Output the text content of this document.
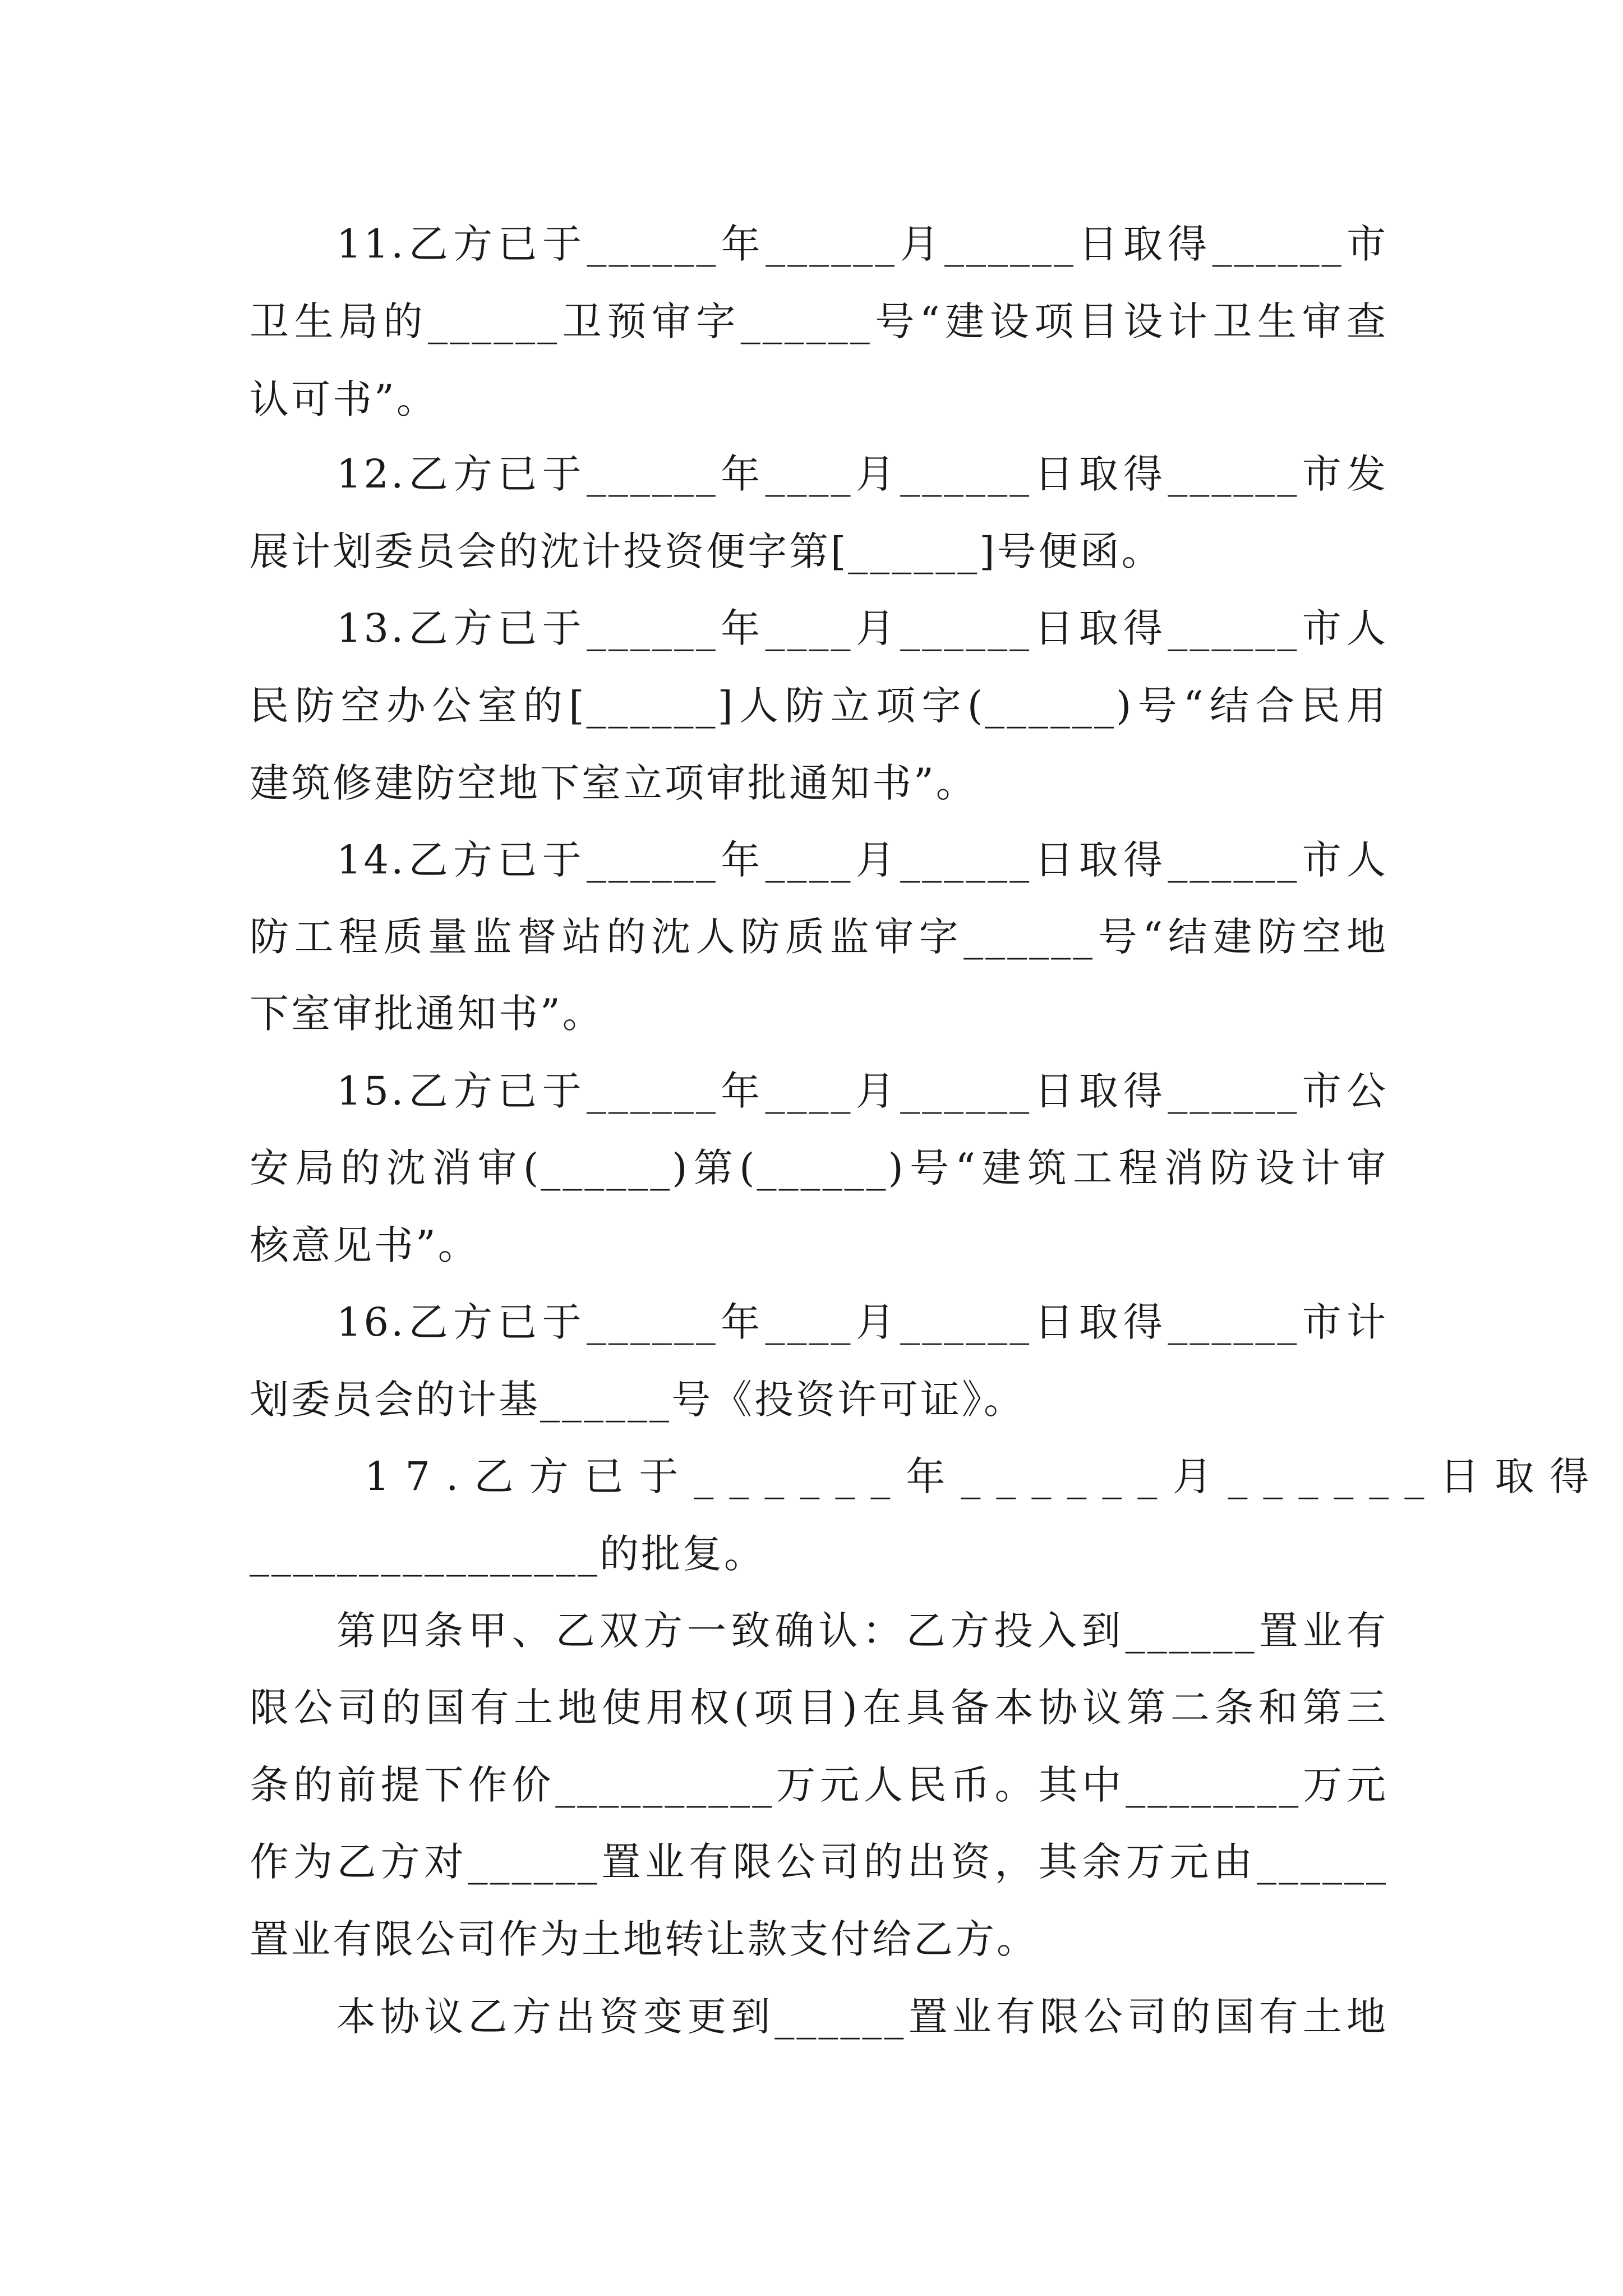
11.乙方已于______年______月______日取得______市
卫生局的______卫预审字______号“建设项目设计卫生审查
认可书”。
12.乙方已于______年____月______日取得______市发
展计划委员会的沈计投资便字第[______]号便函。
13.乙方已于______年____月______日取得______市人
民防空办公室的[______]人防立项字(______)号“结合民用
建筑修建防空地下室立项审批通知书”。
14.乙方已于______年____月______日取得______市人
防工程质量监督站的沈人防质监审字______号“结建防空地
下室审批通知书”。
15.乙方已于______年____月______日取得______市公
安局的沈消审(______)第(______)号“建筑工程消防设计审
核意见书”。
16.乙方已于______年____月______日取得______市计
划委员会的计基______号《投资许可证》。
17.乙方已于______年______月______日取得
________________的批复。
第四条甲、乙双方一致确认：乙方投入到______置业有
限公司的国有土地使用权(项目)在具备本协议第二条和第三
条的前提下作价__________万元人民币。其中________万元
作为乙方对______置业有限公司的出资，其余万元由______
置业有限公司作为土地转让款支付给乙方。
本协议乙方出资变更到______置业有限公司的国有土地
